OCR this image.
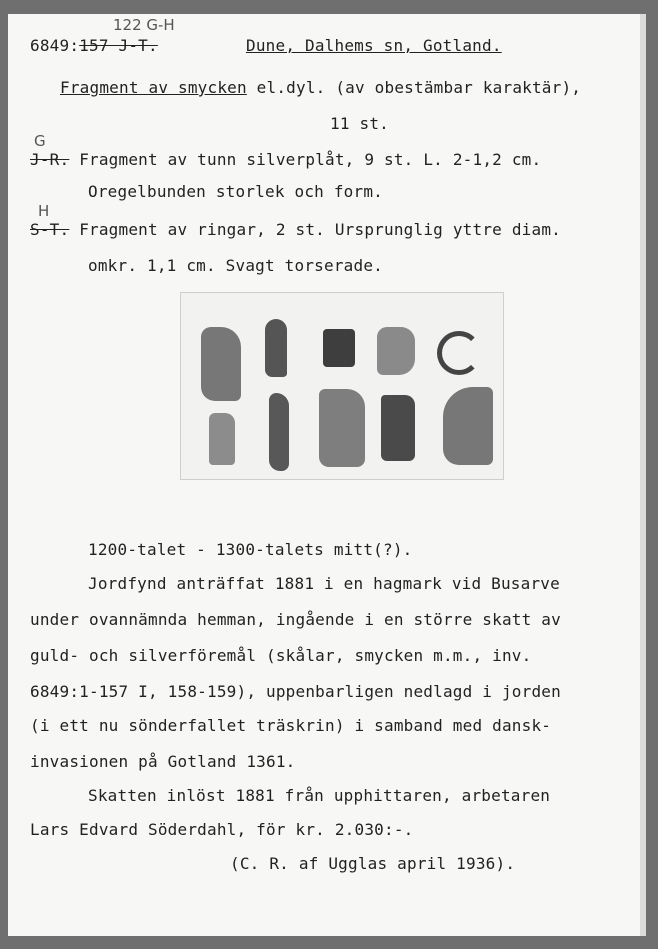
122 G-H
6849:157 J-T.	Dune, Dalhems sn, Gotland.
Fragment av smycken el.dyl. (av obestämbar karaktär),
11 st.
G
J-R. Fragment av tunn silverplåt, 9 st. L. 2-1,2 cm.
Oregelbunden storlek och form.
H
S-T. Fragment av ringar, 2 st. Ursprunglig yttre diam.
omkr. 1,1 cm. Svagt torserade.
1200-talet - 1300-talets mitt(?).
Jordfynd anträffat 1881 i en hagmark vid Busarve
under ovannämnda hemman, ingående i en större skatt av
guld- och silverföremål (skålar, smycken m.m., inv.
6849:1-157 I, 158-159), uppenbarligen nedlagd i jorden
(i ett nu sönderfallet träskrin) i samband med dansk-
invasionen på Gotland 1361.
Skatten inlöst 1881 från upphittaren, arbetaren
Lars Edvard Söderdahl, för kr. 2.030:-.
(C. R. af Ugglas april 1936).
